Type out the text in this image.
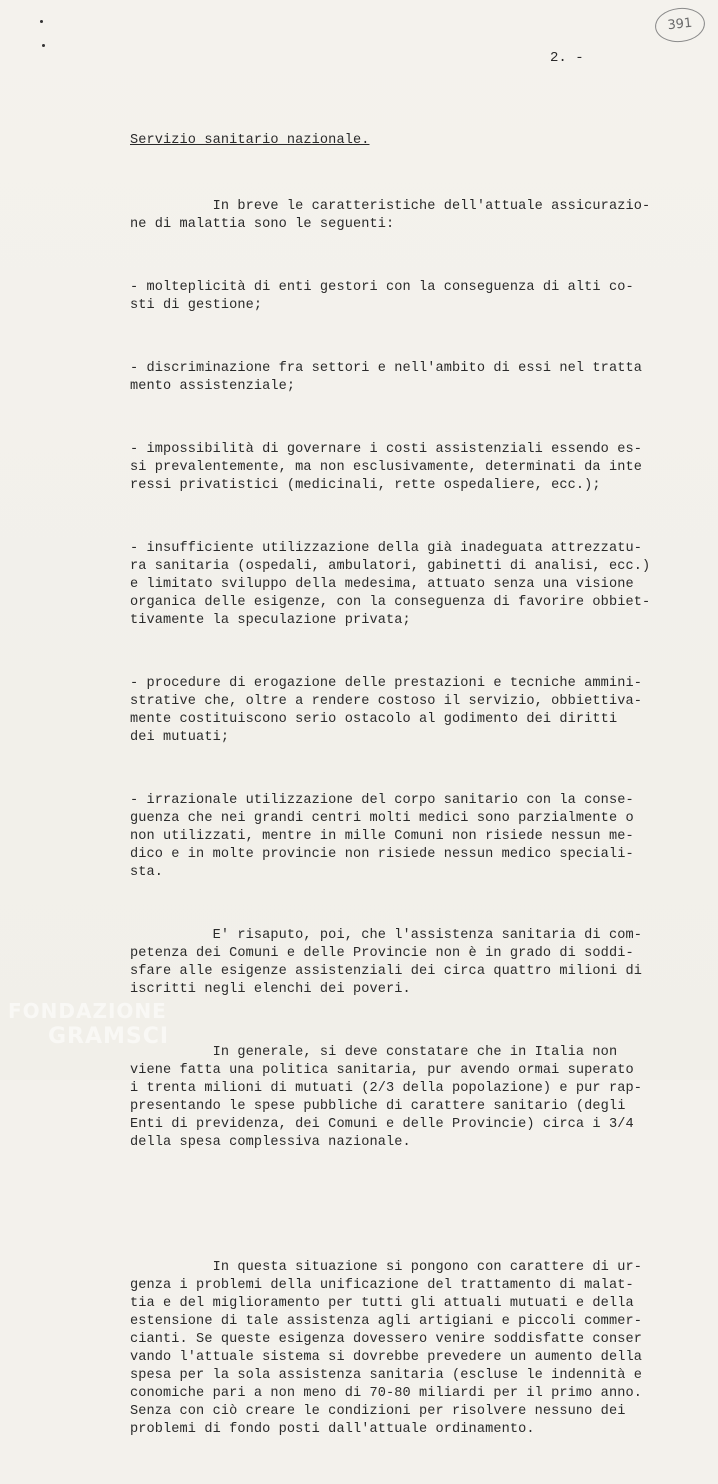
391
2. -

Servizio sanitario nazionale.

In breve le caratteristiche dell'attuale assicurazio-
ne di malattia sono le seguenti:

- molteplicità di enti gestori con la conseguenza di alti co-
sti di gestione;

- discriminazione fra settori e nell'ambito di essi nel tratta
mento assistenziale;

- impossibilità di governare i costi assistenziali essendo es-
si prevalentemente, ma non esclusivamente, determinati da inte
ressi privatistici (medicinali, rette ospedaliere, ecc.);

- insufficiente utilizzazione della già inadeguata attrezzatu-
ra sanitaria (ospedali, ambulatori, gabinetti di analisi, ecc.)
e limitato sviluppo della medesima, attuato senza una visione
organica delle esigenze, con la conseguenza di favorire obbiet-
tivamente la speculazione privata;

- procedure di erogazione delle prestazioni e tecniche ammini-
strative che, oltre a rendere costoso il servizio, obbiettiva-
mente costituiscono serio ostacolo al godimento dei diritti
dei mutuati;

- irrazionale utilizzazione del corpo sanitario con la conse-
guenza che nei grandi centri molti medici sono parzialmente o
non utilizzati, mentre in mille Comuni non risiede nessun me-
dico e in molte provincie non risiede nessun medico speciali-
sta.

E' risaputo, poi, che l'assistenza sanitaria di com-
petenza dei Comuni e delle Provincie non è in grado di soddi-
sfare alle esigenze assistenziali dei circa quattro milioni di
iscritti negli elenchi dei poveri.

In generale, si deve constatare che in Italia non
viene fatta una politica sanitaria, pur avendo ormai superato
i trenta milioni di mutuati (2/3 della popolazione) e pur rap-
presentando le spese pubbliche di carattere sanitario (degli
Enti di previdenza, dei Comuni e delle Provincie) circa i 3/4
della spesa complessiva nazionale.

In questa situazione si pongono con carattere di ur-
genza i problemi della unificazione del trattamento di malat-
tia e del miglioramento per tutti gli attuali mutuati e della
estensione di tale assistenza agli artigiani e piccoli commer-
cianti. Se queste esigenza dovessero venire soddisfatte conser
vando l'attuale sistema si dovrebbe prevedere un aumento della
spesa per la sola assistenza sanitaria (escluse le indennità e
conomiche pari a non meno di 70-80 miliardi per il primo anno.
Senza con ciò creare le condizioni per risolvere nessuno dei
problemi di fondo posti dall'attuale ordinamento.

FONDAZIONE
GRAMSCI
